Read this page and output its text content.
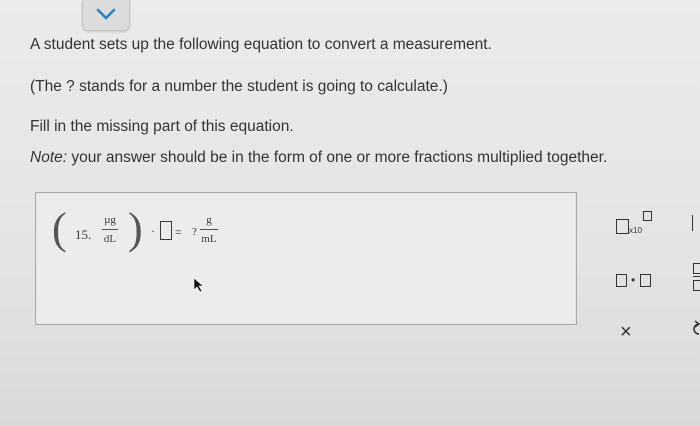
A student sets up the following equation to convert a measurement.
(The ? stands for a number the student is going to calculate.)
Fill in the missing part of this equation.
Note: your answer should be in the form of one or more fractions multiplied together.
( 15.
µg
dL ) · = ?
g
mL
x10
•
×
